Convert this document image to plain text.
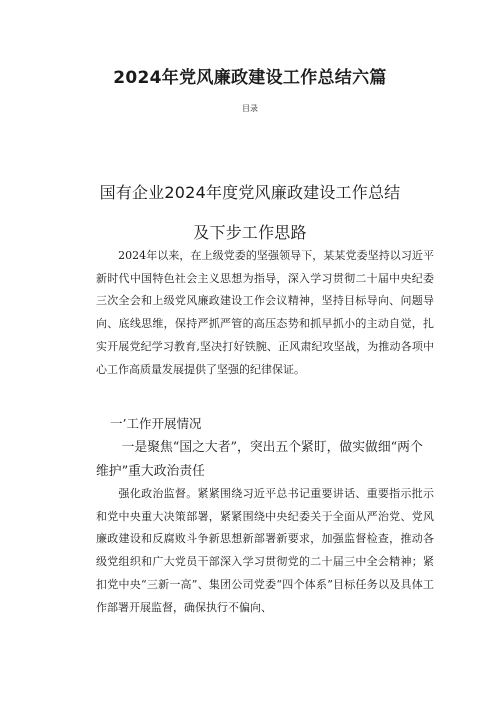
2024年党风廉政建设工作总结六篇
目录
国有企业2024年度党风廉政建设工作总结
及下步工作思路
　　2024年以来，在上级党委的坚强领导下，某某党委坚持以习近平新时代中国特色社会主义思想为指导，深入学习贯彻二十届中央纪委三次全会和上级党风廉政建设工作会议精神，坚持目标导向、问题导向、底线思维，保持严抓严管的高压态势和抓早抓小的主动自觉，扎实开展党纪学习教育,坚决打好铁腕、正风肃纪攻坚战，为推动各项中心工作高质量发展提供了坚强的纪律保证。
一’工作开展情况
　　一是聚焦“国之大者”，突出五个紧盯，做实做细“两个维护”重大政治责任
　　强化政治监督。紧紧围绕习近平总书记重要讲话、重要指示批示和党中央重大决策部署，紧紧围绕中央纪委关于全面从严治党、党风廉政建设和反腐败斗争新思想新部署新要求，加强监督检查，推动各级党组织和广大党员干部深入学习贯彻党的二十届三中全会精神；紧扣党中央“三新一高”、集团公司党委“四个体系”目标任务以及具体工作部署开展监督，确保执行不偏向、
